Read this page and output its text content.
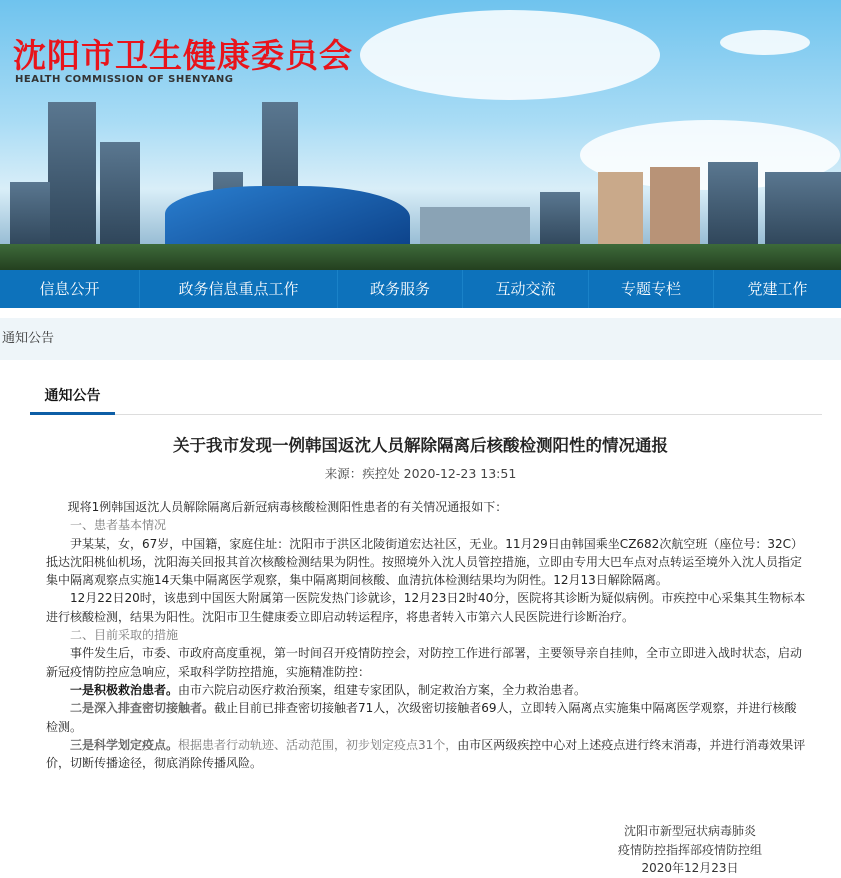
沈阳市卫生健康委员会
HEALTH COMMISSION OF SHENYANG
信息公开	政务信息重点工作	政务服务	互动交流	专题专栏	党建工作
通知公告
通知公告
关于我市发现一例韩国返沈人员解除隔离后核酸检测阳性的情况通报
来源：疾控处 2020-12-23 13:51

现将1例韩国返沈人员解除隔离后新冠病毒核酸检测阳性患者的有关情况通报如下：

一、患者基本情况

尹某某，女，67岁，中国籍，家庭住址：沈阳市于洪区北陵街道宏达社区，无业。11月29日由韩国乘坐CZ682次航空班（座位号：32C）抵达沈阳桃仙机场，沈阳海关回报其首次核酸检测结果为阴性。按照境外入沈人员管控措施，立即由专用大巴车点对点转运至境外入沈人员指定集中隔离观察点实施14天集中隔离医学观察，集中隔离期间核酸、血清抗体检测结果均为阴性。12月13日解除隔离。

12月22日20时，该患到中国医大附属第一医院发热门诊就诊，12月23日2时40分，医院将其诊断为疑似病例。市疾控中心采集其生物标本进行核酸检测，结果为阳性。沈阳市卫生健康委立即启动转运程序，将患者转入市第六人民医院进行诊断治疗。

二、目前采取的措施

事件发生后，市委、市政府高度重视，第一时间召开疫情防控会，对防控工作进行部署，主要领导亲自挂帅，全市立即进入战时状态，启动新冠疫情防控应急响应，采取科学防控措施，实施精准防控：

一是积极救治患者。由市六院启动医疗救治预案，组建专家团队，制定救治方案，全力救治患者。

二是深入排查密切接触者。截止目前已排查密切接触者71人，次级密切接触者69人，立即转入隔离点实施集中隔离医学观察，并进行核酸检测。

三是科学划定疫点。根据患者行动轨迹、活动范围，初步划定疫点31个，由市区两级疾控中心对上述疫点进行终末消毒，并进行消毒效果评价，切断传播途径，彻底消除传播风险。

沈阳市新型冠状病毒肺炎
疫情防控指挥部疫情防控组
2020年12月23日
